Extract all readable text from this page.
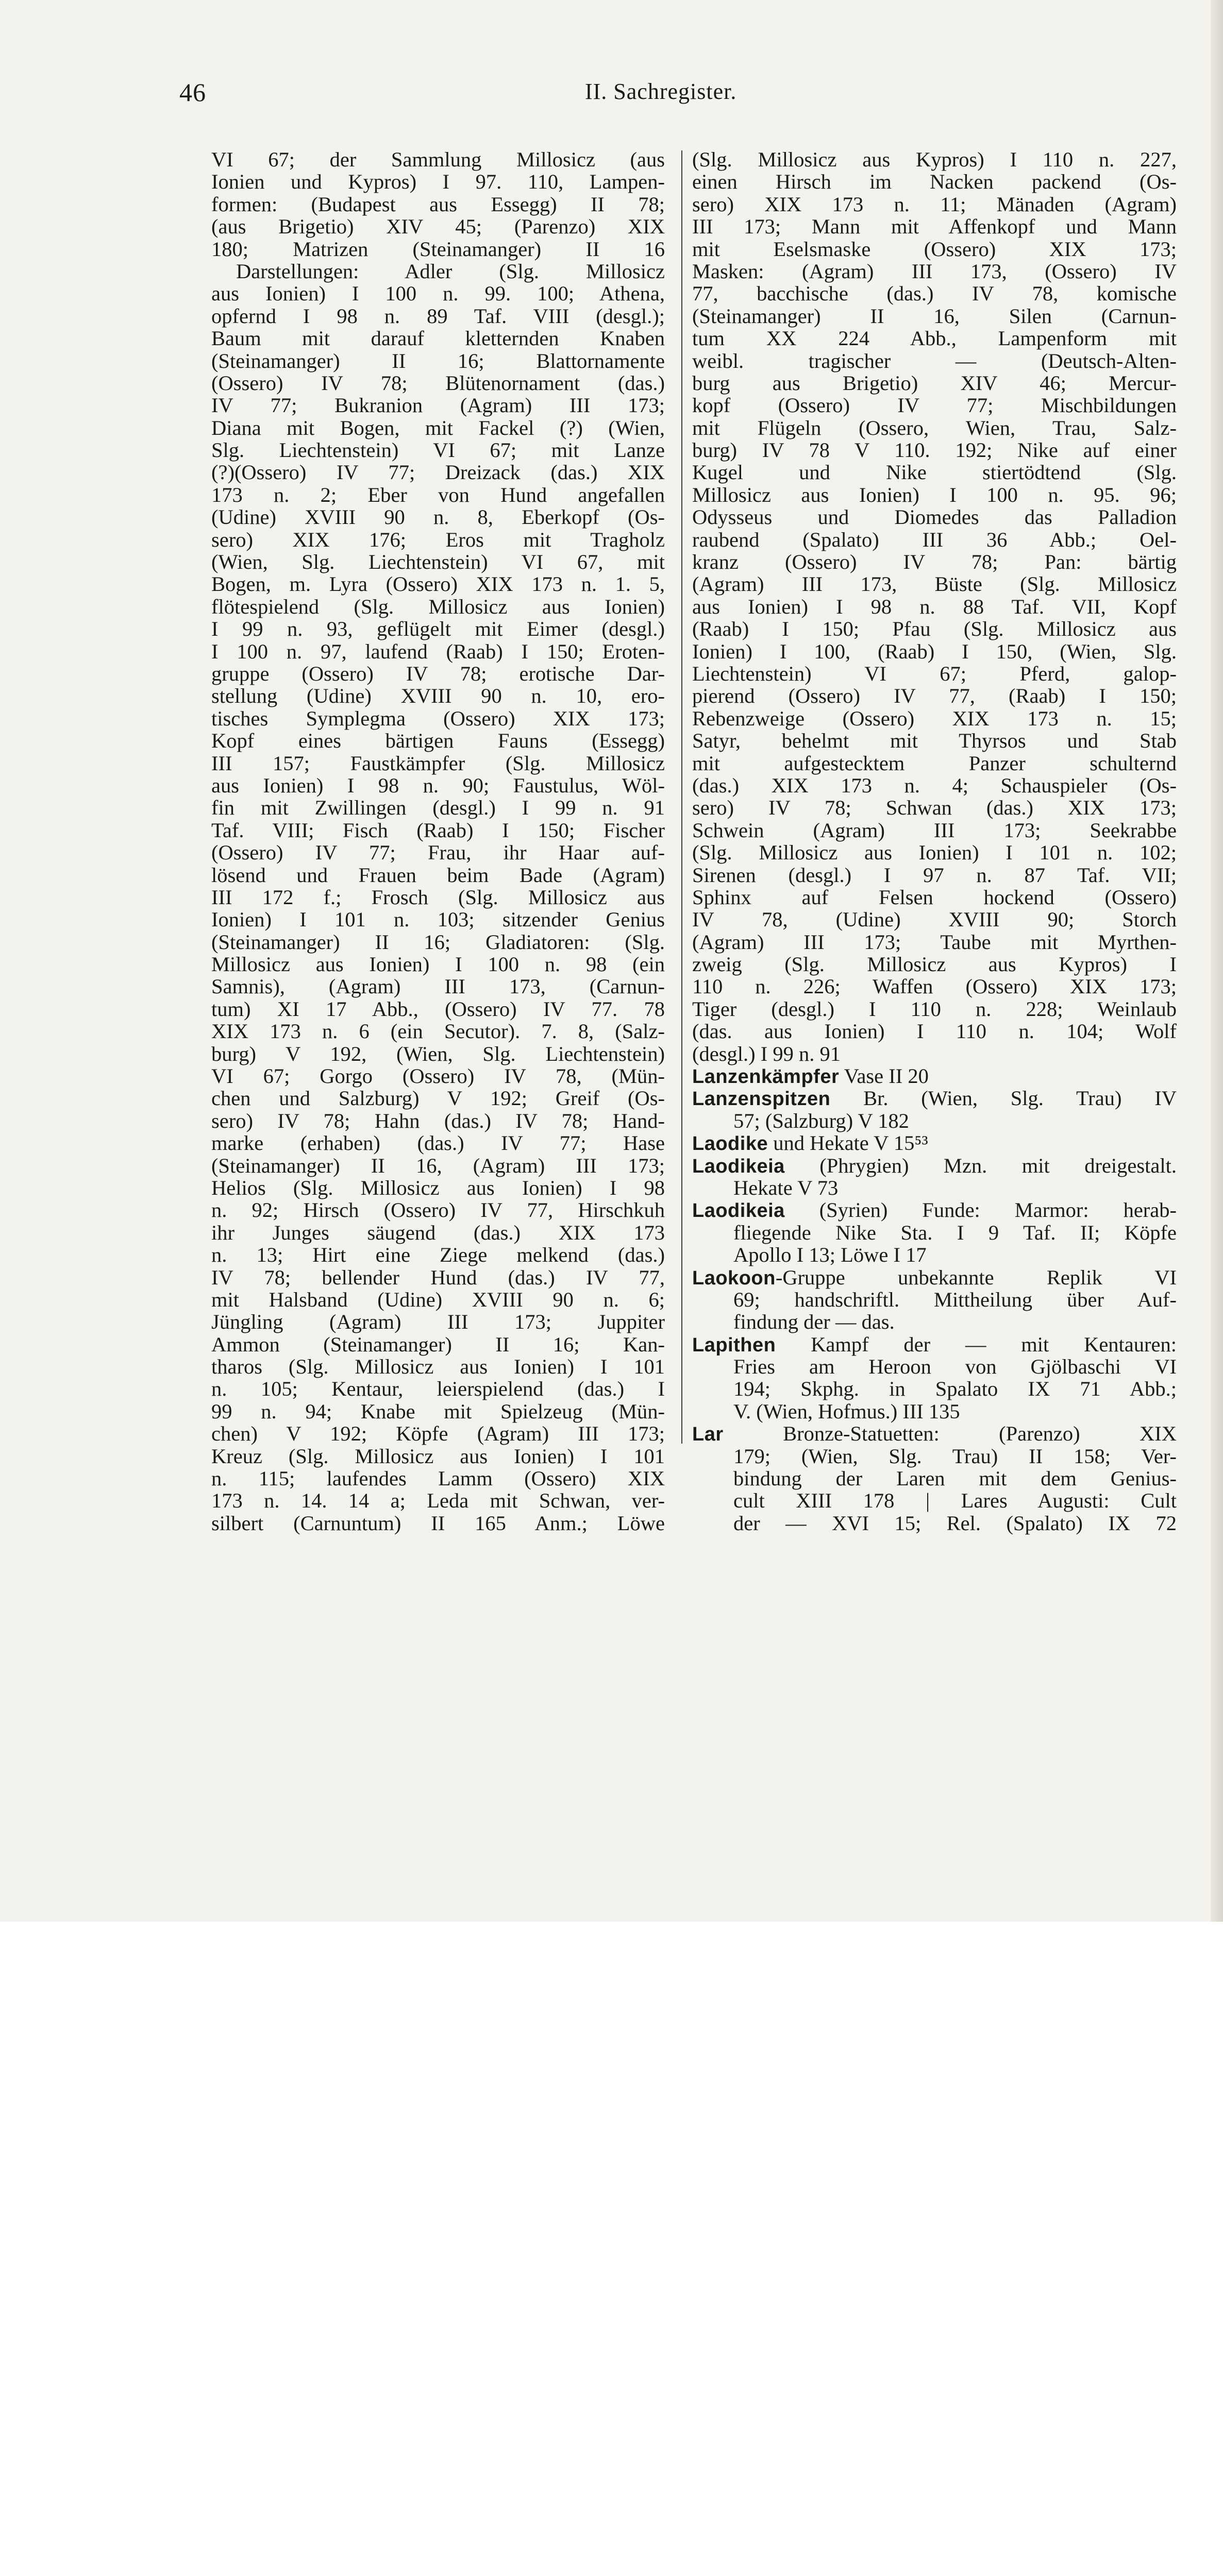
46	II. Sachregister.
VI 67; der Sammlung Millosicz (aus
Ionien und Kypros) I 97. 110, Lampen-
formen: (Budapest aus Essegg) II 78;
(aus Brigetio) XIV 45; (Parenzo) XIX
180; Matrizen (Steinamanger) II 16
Darstellungen: Adler (Slg. Millosicz
aus Ionien) I 100 n. 99. 100; Athena,
opfernd I 98 n. 89 Taf. VIII (desgl.);
Baum mit darauf kletternden Knaben
(Steinamanger) II 16; Blattornamente
(Ossero) IV 78; Blütenornament (das.)
IV 77; Bukranion (Agram) III 173;
Diana mit Bogen, mit Fackel (?) (Wien,
Slg. Liechtenstein) VI 67; mit Lanze
(?)(Ossero) IV 77; Dreizack (das.) XIX
173 n. 2; Eber von Hund angefallen
(Udine) XVIII 90 n. 8, Eberkopf (Os-
sero) XIX 176; Eros mit Tragholz
(Wien, Slg. Liechtenstein) VI 67, mit
Bogen, m. Lyra (Ossero) XIX 173 n. 1. 5,
flötespielend (Slg. Millosicz aus Ionien)
I 99 n. 93, geflügelt mit Eimer (desgl.)
I 100 n. 97, laufend (Raab) I 150; Eroten-
gruppe (Ossero) IV 78; erotische Dar-
stellung (Udine) XVIII 90 n. 10, ero-
tisches Symplegma (Ossero) XIX 173;
Kopf eines bärtigen Fauns (Essegg)
III 157; Faustkämpfer (Slg. Millosicz
aus Ionien) I 98 n. 90; Faustulus, Wöl-
fin mit Zwillingen (desgl.) I 99 n. 91
Taf. VIII; Fisch (Raab) I 150; Fischer
(Ossero) IV 77; Frau, ihr Haar auf-
lösend und Frauen beim Bade (Agram)
III 172 f.; Frosch (Slg. Millosicz aus
Ionien) I 101 n. 103; sitzender Genius
(Steinamanger) II 16; Gladiatoren: (Slg.
Millosicz aus Ionien) I 100 n. 98 (ein
Samnis), (Agram) III 173, (Carnun-
tum) XI 17 Abb., (Ossero) IV 77. 78
XIX 173 n. 6 (ein Secutor). 7. 8, (Salz-
burg) V 192, (Wien, Slg. Liechtenstein)
VI 67; Gorgo (Ossero) IV 78, (Mün-
chen und Salzburg) V 192; Greif (Os-
sero) IV 78; Hahn (das.) IV 78; Hand-
marke (erhaben) (das.) IV 77; Hase
(Steinamanger) II 16, (Agram) III 173;
Helios (Slg. Millosicz aus Ionien) I 98
n. 92; Hirsch (Ossero) IV 77, Hirschkuh
ihr Junges säugend (das.) XIX 173
n. 13; Hirt eine Ziege melkend (das.)
IV 78; bellender Hund (das.) IV 77,
mit Halsband (Udine) XVIII 90 n. 6;
Jüngling (Agram) III 173; Juppiter
Ammon (Steinamanger) II 16; Kan-
tharos (Slg. Millosicz aus Ionien) I 101
n. 105; Kentaur, leierspielend (das.) I
99 n. 94; Knabe mit Spielzeug (Mün-
chen) V 192; Köpfe (Agram) III 173;
Kreuz (Slg. Millosicz aus Ionien) I 101
n. 115; laufendes Lamm (Ossero) XIX
173 n. 14. 14 a; Leda mit Schwan, ver-
silbert (Carnuntum) II 165 Anm.; Löwe
(Slg. Millosicz aus Kypros) I 110 n. 227,
einen Hirsch im Nacken packend (Os-
sero) XIX 173 n. 11; Mänaden (Agram)
III 173; Mann mit Affenkopf und Mann
mit Eselsmaske (Ossero) XIX 173;
Masken: (Agram) III 173, (Ossero) IV
77, bacchische (das.) IV 78, komische
(Steinamanger) II 16, Silen (Carnun-
tum XX 224 Abb., Lampenform mit
weibl. tragischer — (Deutsch-Alten-
burg aus Brigetio) XIV 46; Mercur-
kopf (Ossero) IV 77; Mischbildungen
mit Flügeln (Ossero, Wien, Trau, Salz-
burg) IV 78 V 110. 192; Nike auf einer
Kugel und Nike stiertödtend (Slg.
Millosicz aus Ionien) I 100 n. 95. 96;
Odysseus und Diomedes das Palladion
raubend (Spalato) III 36 Abb.; Oel-
kranz (Ossero) IV 78; Pan: bärtig
(Agram) III 173, Büste (Slg. Millosicz
aus Ionien) I 98 n. 88 Taf. VII, Kopf
(Raab) I 150; Pfau (Slg. Millosicz aus
Ionien) I 100, (Raab) I 150, (Wien, Slg.
Liechtenstein) VI 67; Pferd, galop-
pierend (Ossero) IV 77, (Raab) I 150;
Rebenzweige (Ossero) XIX 173 n. 15;
Satyr, behelmt mit Thyrsos und Stab
mit aufgestecktem Panzer schulternd
(das.) XIX 173 n. 4; Schauspieler (Os-
sero) IV 78; Schwan (das.) XIX 173;
Schwein (Agram) III 173; Seekrabbe
(Slg. Millosicz aus Ionien) I 101 n. 102;
Sirenen (desgl.) I 97 n. 87 Taf. VII;
Sphinx auf Felsen hockend (Ossero)
IV 78, (Udine) XVIII 90; Storch
(Agram) III 173; Taube mit Myrthen-
zweig (Slg. Millosicz aus Kypros) I
110 n. 226; Waffen (Ossero) XIX 173;
Tiger (desgl.) I 110 n. 228; Weinlaub
(das. aus Ionien) I 110 n. 104; Wolf
(desgl.) I 99 n. 91
Lanzenkämpfer Vase II 20
Lanzenspitzen Br. (Wien, Slg. Trau) IV
57; (Salzburg) V 182
Laodike und Hekate V 15⁵³
Laodikeia (Phrygien) Mzn. mit dreigestalt.
Hekate V 73
Laodikeia (Syrien) Funde: Marmor: herab-
fliegende Nike Sta. I 9 Taf. II; Köpfe
Apollo I 13; Löwe I 17
Laokoon-Gruppe unbekannte Replik VI
69; handschriftl. Mittheilung über Auf-
findung der — das.
Lapithen Kampf der — mit Kentauren:
Fries am Heroon von Gjölbaschi VI
194; Skphg. in Spalato IX 71 Abb.;
V. (Wien, Hofmus.) III 135
Lar Bronze-Statuetten: (Parenzo) XIX
179; (Wien, Slg. Trau) II 158; Ver-
bindung der Laren mit dem Genius-
cult XIII 178 | Lares Augusti: Cult
der — XVI 15; Rel. (Spalato) IX 72
